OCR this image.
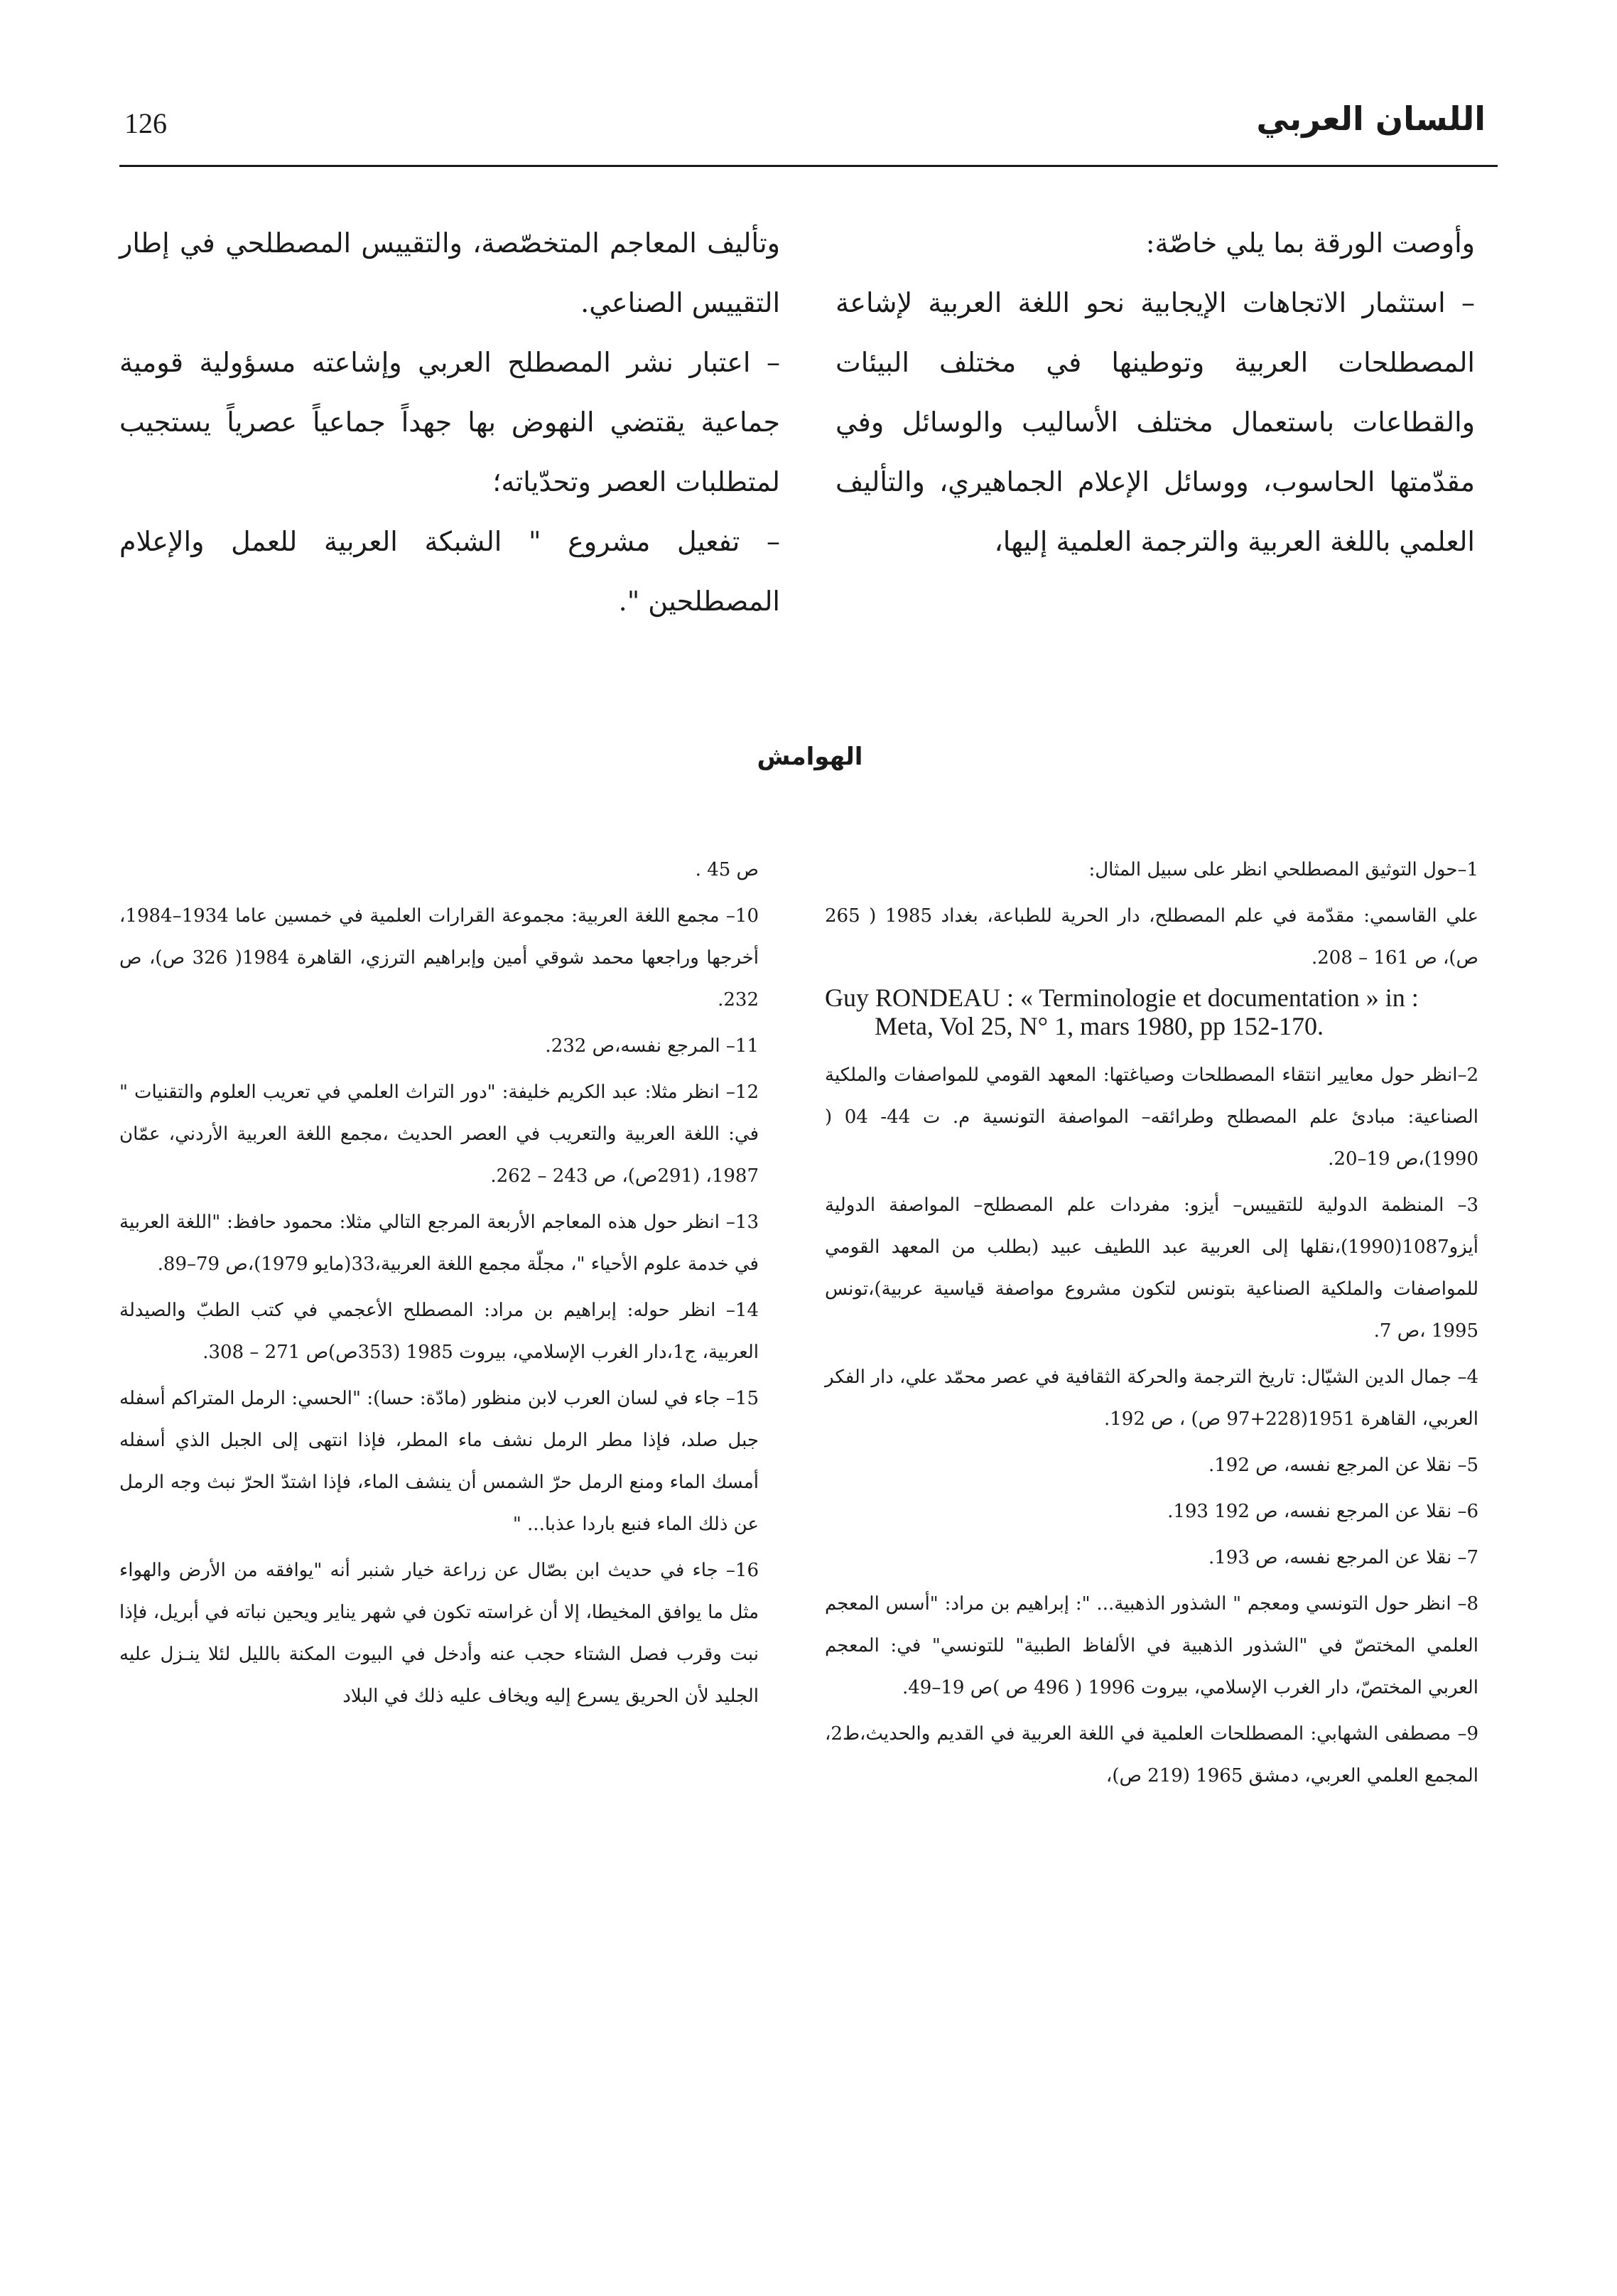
126	اللسان العربي

وأوصت الورقة بما يلي خاصّة:

– استثمار الاتجاهات الإيجابية نحو اللغة العربية لإشاعة المصطلحات العربية وتوطينها في مختلف البيئات والقطاعات باستعمال مختلف الأساليب والوسائل وفي مقدّمتها الحاسوب، ووسائل الإعلام الجماهيري، والتأليف العلمي باللغة العربية والترجمة العلمية إليها،

وتأليف المعاجم المتخصّصة، والتقييس المصطلحي في إطار التقييس الصناعي.

– اعتبار نشر المصطلح العربي وإشاعته مسؤولية قومية جماعية يقتضي النهوض بها جهداً جماعياً عصرياً يستجيب لمتطلبات العصر وتحدّياته؛

– تفعيل مشروع " الشبكة العربية للعمل والإعلام المصطلحين ".

الهوامش

1–حول التوثيق المصطلحي انظر على سبيل المثال:

علي القاسمي: مقدّمة في علم المصطلح، دار الحرية للطباعة، بغداد 1985 ( 265 ص)، ص 161 – 208.

Guy RONDEAU : « Terminologie et documentation » in : Meta, Vol 25, N° 1, mars 1980, pp 152-170.

2–انظر حول معايير انتقاء المصطلحات وصياغتها: المعهد القومي للمواصفات والملكية الصناعية: مبادئ علم المصطلح وطرائقه– المواصفة التونسية م. ت 44- 04 ( 1990)،ص 19–20.

3– المنظمة الدولية للتقييس– أيزو: مفردات علم المصطلح– المواصفة الدولية أيزو1087(1990)،نقلها إلى العربية عبد اللطيف عبيد (بطلب من المعهد القومي للمواصفات والملكية الصناعية بتونس لتكون مشروع مواصفة قياسية عربية)،تونس 1995 ،ص 7.

4– جمال الدين الشيّال: تاريخ الترجمة والحركة الثقافية في عصر محمّد علي، دار الفكر العربي، القاهرة 1951(228+97 ص) ، ص 192.

5– نقلا عن المرجع نفسه، ص 192.

6– نقلا عن المرجع نفسه، ص 192 193.

7– نقلا عن المرجع نفسه، ص 193.

8– انظر حول التونسي ومعجم " الشذور الذهبية... ": إبراهيم بن مراد: "أسس المعجم العلمي المختصّ في "الشذور الذهبية في الألفاظ الطبية" للتونسي" في: المعجم العربي المختصّ، دار الغرب الإسلامي، بيروت 1996 ( 496 ص )ص 19–49.

9– مصطفى الشهابي: المصطلحات العلمية في اللغة العربية في القديم والحديث،ط2، المجمع العلمي العربي، دمشق 1965 (219 ص)،

ص 45 .

10– مجمع اللغة العربية: مجموعة القرارات العلمية في خمسين عاما 1934–1984، أخرجها وراجعها محمد شوقي أمين وإبراهيم الترزي، القاهرة 1984( 326 ص)، ص 232.

11– المرجع نفسه،ص 232.

12– انظر مثلا: عبد الكريم خليفة: "دور التراث العلمي في تعريب العلوم والتقنيات " في: اللغة العربية والتعريب في العصر الحديث ،مجمع اللغة العربية الأردني، عمّان 1987، (291ص)، ص 243 – 262.

13– انظر حول هذه المعاجم الأربعة المرجع التالي مثلا: محمود حافظ: "اللغة العربية في خدمة علوم الأحياء "، مجلّة مجمع اللغة العربية،33(مايو 1979)،ص 79–89.

14– انظر حوله: إبراهيم بن مراد: المصطلح الأعجمي في كتب الطبّ والصيدلة العربية، ج1،دار الغرب الإسلامي، بيروت 1985 (353ص)ص 271 – 308.

15– جاء في لسان العرب لابن منظور (مادّة: حسا): "الحسي: الرمل المتراكم أسفله جبل صلد، فإذا مطر الرمل نشف ماء المطر، فإذا انتهى إلى الجبل الذي أسفله أمسك الماء ومنع الرمل حرّ الشمس أن ينشف الماء، فإذا اشتدّ الحرّ نبث وجه الرمل عن ذلك الماء فنبع باردا عذبا... "

16– جاء في حديث ابن بصّال عن زراعة خيار شنبر أنه "يوافقه من الأرض والهواء مثل ما يوافق المخيطا، إلا أن غراسته تكون في شهر يناير ويحين نباته في أبريل، فإذا نبت وقرب فصل الشتاء حجب عنه وأدخل في البيوت المكنة بالليل لئلا ينـزل عليه الجليد لأن الحريق يسرع إليه ويخاف عليه ذلك في البلاد
